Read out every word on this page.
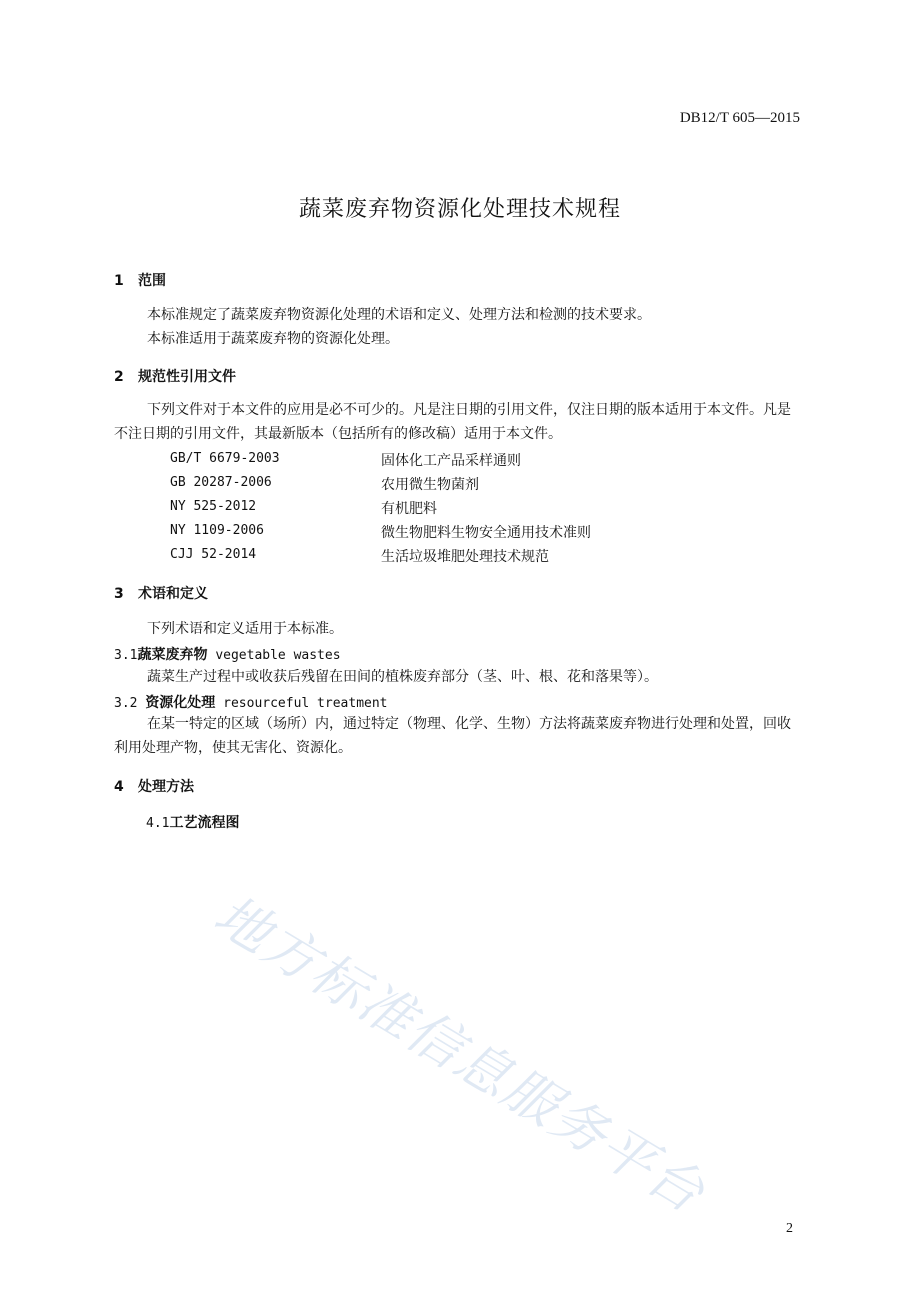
DB12/T 605—2015
蔬菜废弃物资源化处理技术规程
1 范围
本标准规定了蔬菜废弃物资源化处理的术语和定义、处理方法和检测的技术要求。
本标准适用于蔬菜废弃物的资源化处理。
2 规范性引用文件
下列文件对于本文件的应用是必不可少的。凡是注日期的引用文件，仅注日期的版本适用于本文件。凡是不注日期的引用文件，其最新版本（包括所有的修改稿）适用于本文件。
GB/T 6679-2003	固体化工产品采样通则
GB 20287-2006	农用微生物菌剂
NY 525-2012	有机肥料
NY 1109-2006	微生物肥料生物安全通用技术准则
CJJ 52-2014	生活垃圾堆肥处理技术规范
3 术语和定义
下列术语和定义适用于本标准。
3.1蔬菜废弃物 vegetable wastes
蔬菜生产过程中或收获后残留在田间的植株废弃部分（茎、叶、根、花和落果等）。
3.2 资源化处理 resourceful treatment
在某一特定的区域（场所）内，通过特定（物理、化学、生物）方法将蔬菜废弃物进行处理和处置，回收利用处理产物，使其无害化、资源化。
4 处理方法
4.1工艺流程图
地方标准信息服务平台
2
